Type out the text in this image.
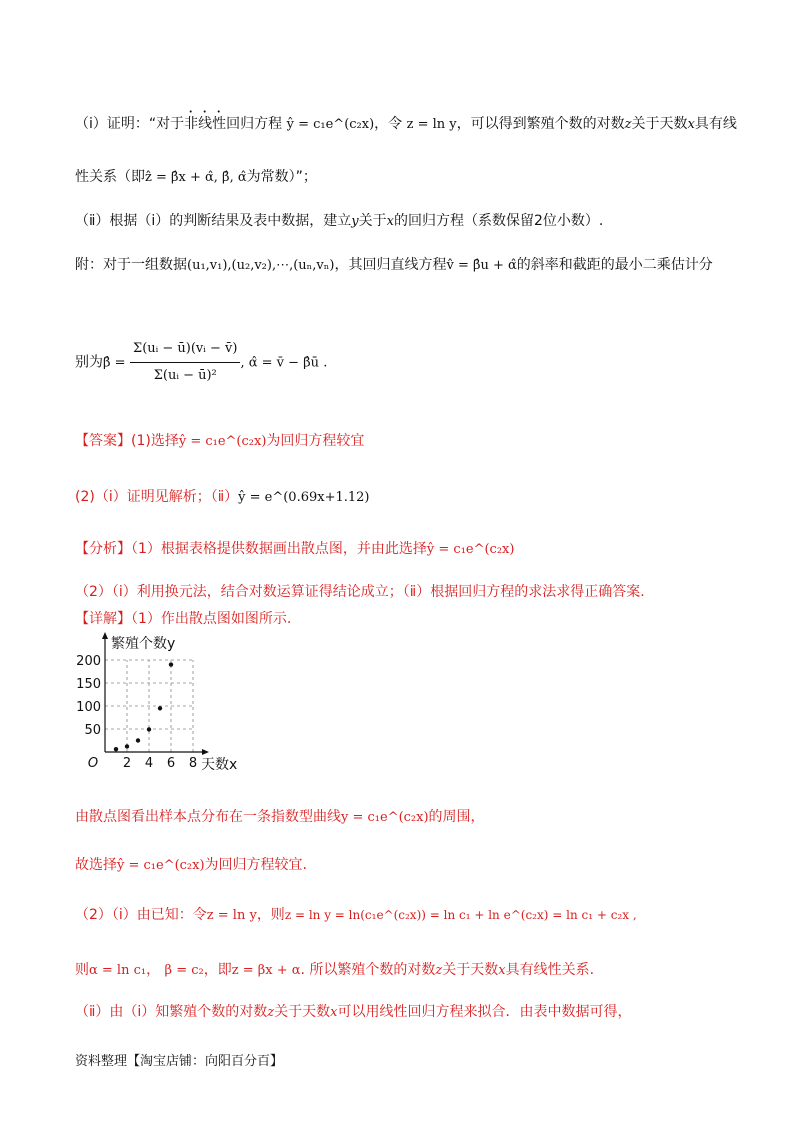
（ⅰ）证明：“对于非线性回归方程 ŷ = c₁e^(c₂x)，令 z = ln y，可以得到繁殖个数的对数z关于天数x具有线
性关系（即ẑ = β̂x + α̂, β̂, α̂为常数）”；
（ⅱ）根据（ⅰ）的判断结果及表中数据，建立y关于x的回归方程（系数保留2位小数）.
附：对于一组数据(u₁,v₁),(u₂,v₂),⋯,(uₙ,vₙ)，其回归直线方程v̂ = β̂u + α̂的斜率和截距的最小二乘估计分
别为β̂ = $\frac{\text{Σ(uᵢ − ū)(vᵢ − v̄)}}{\text{Σ(uᵢ − ū)²}}$ , α̂ = v̄ − β̂ū .
【答案】(1)选择ŷ = c₁e^(c₂x)为回归方程较宜
(2)（ⅰ）证明见解析；（ⅱ）ŷ = e^(0.69x+1.12)
【分析】（1）根据表格提供数据画出散点图，并由此选择ŷ = c₁e^(c₂x)
（2）（ⅰ）利用换元法，结合对数运算证得结论成立；（ⅱ）根据回归方程的求法求得正确答案.
【详解】（1）作出散点图如图所示.
2 4 6 8
50
100
150
200
O	天数x
繁殖个数y
由散点图看出样本点分布在一条指数型曲线y = c₁e^(c₂x)的周围，
故选择ŷ = c₁e^(c₂x)为回归方程较宜.
（2）（ⅰ）由已知：令z = ln y，则z = ln y = ln(c₁e^(c₂x)) = ln c₁ + ln e^(c₂x) = ln c₁ + c₂x ,
则α = ln c₁， β = c₂，即z = βx + α. 所以繁殖个数的对数z关于天数x具有线性关系.
（ⅱ）由（ⅰ）知繁殖个数的对数z关于天数x可以用线性回归方程来拟合．由表中数据可得，
资料整理【淘宝店铺：向阳百分百】
